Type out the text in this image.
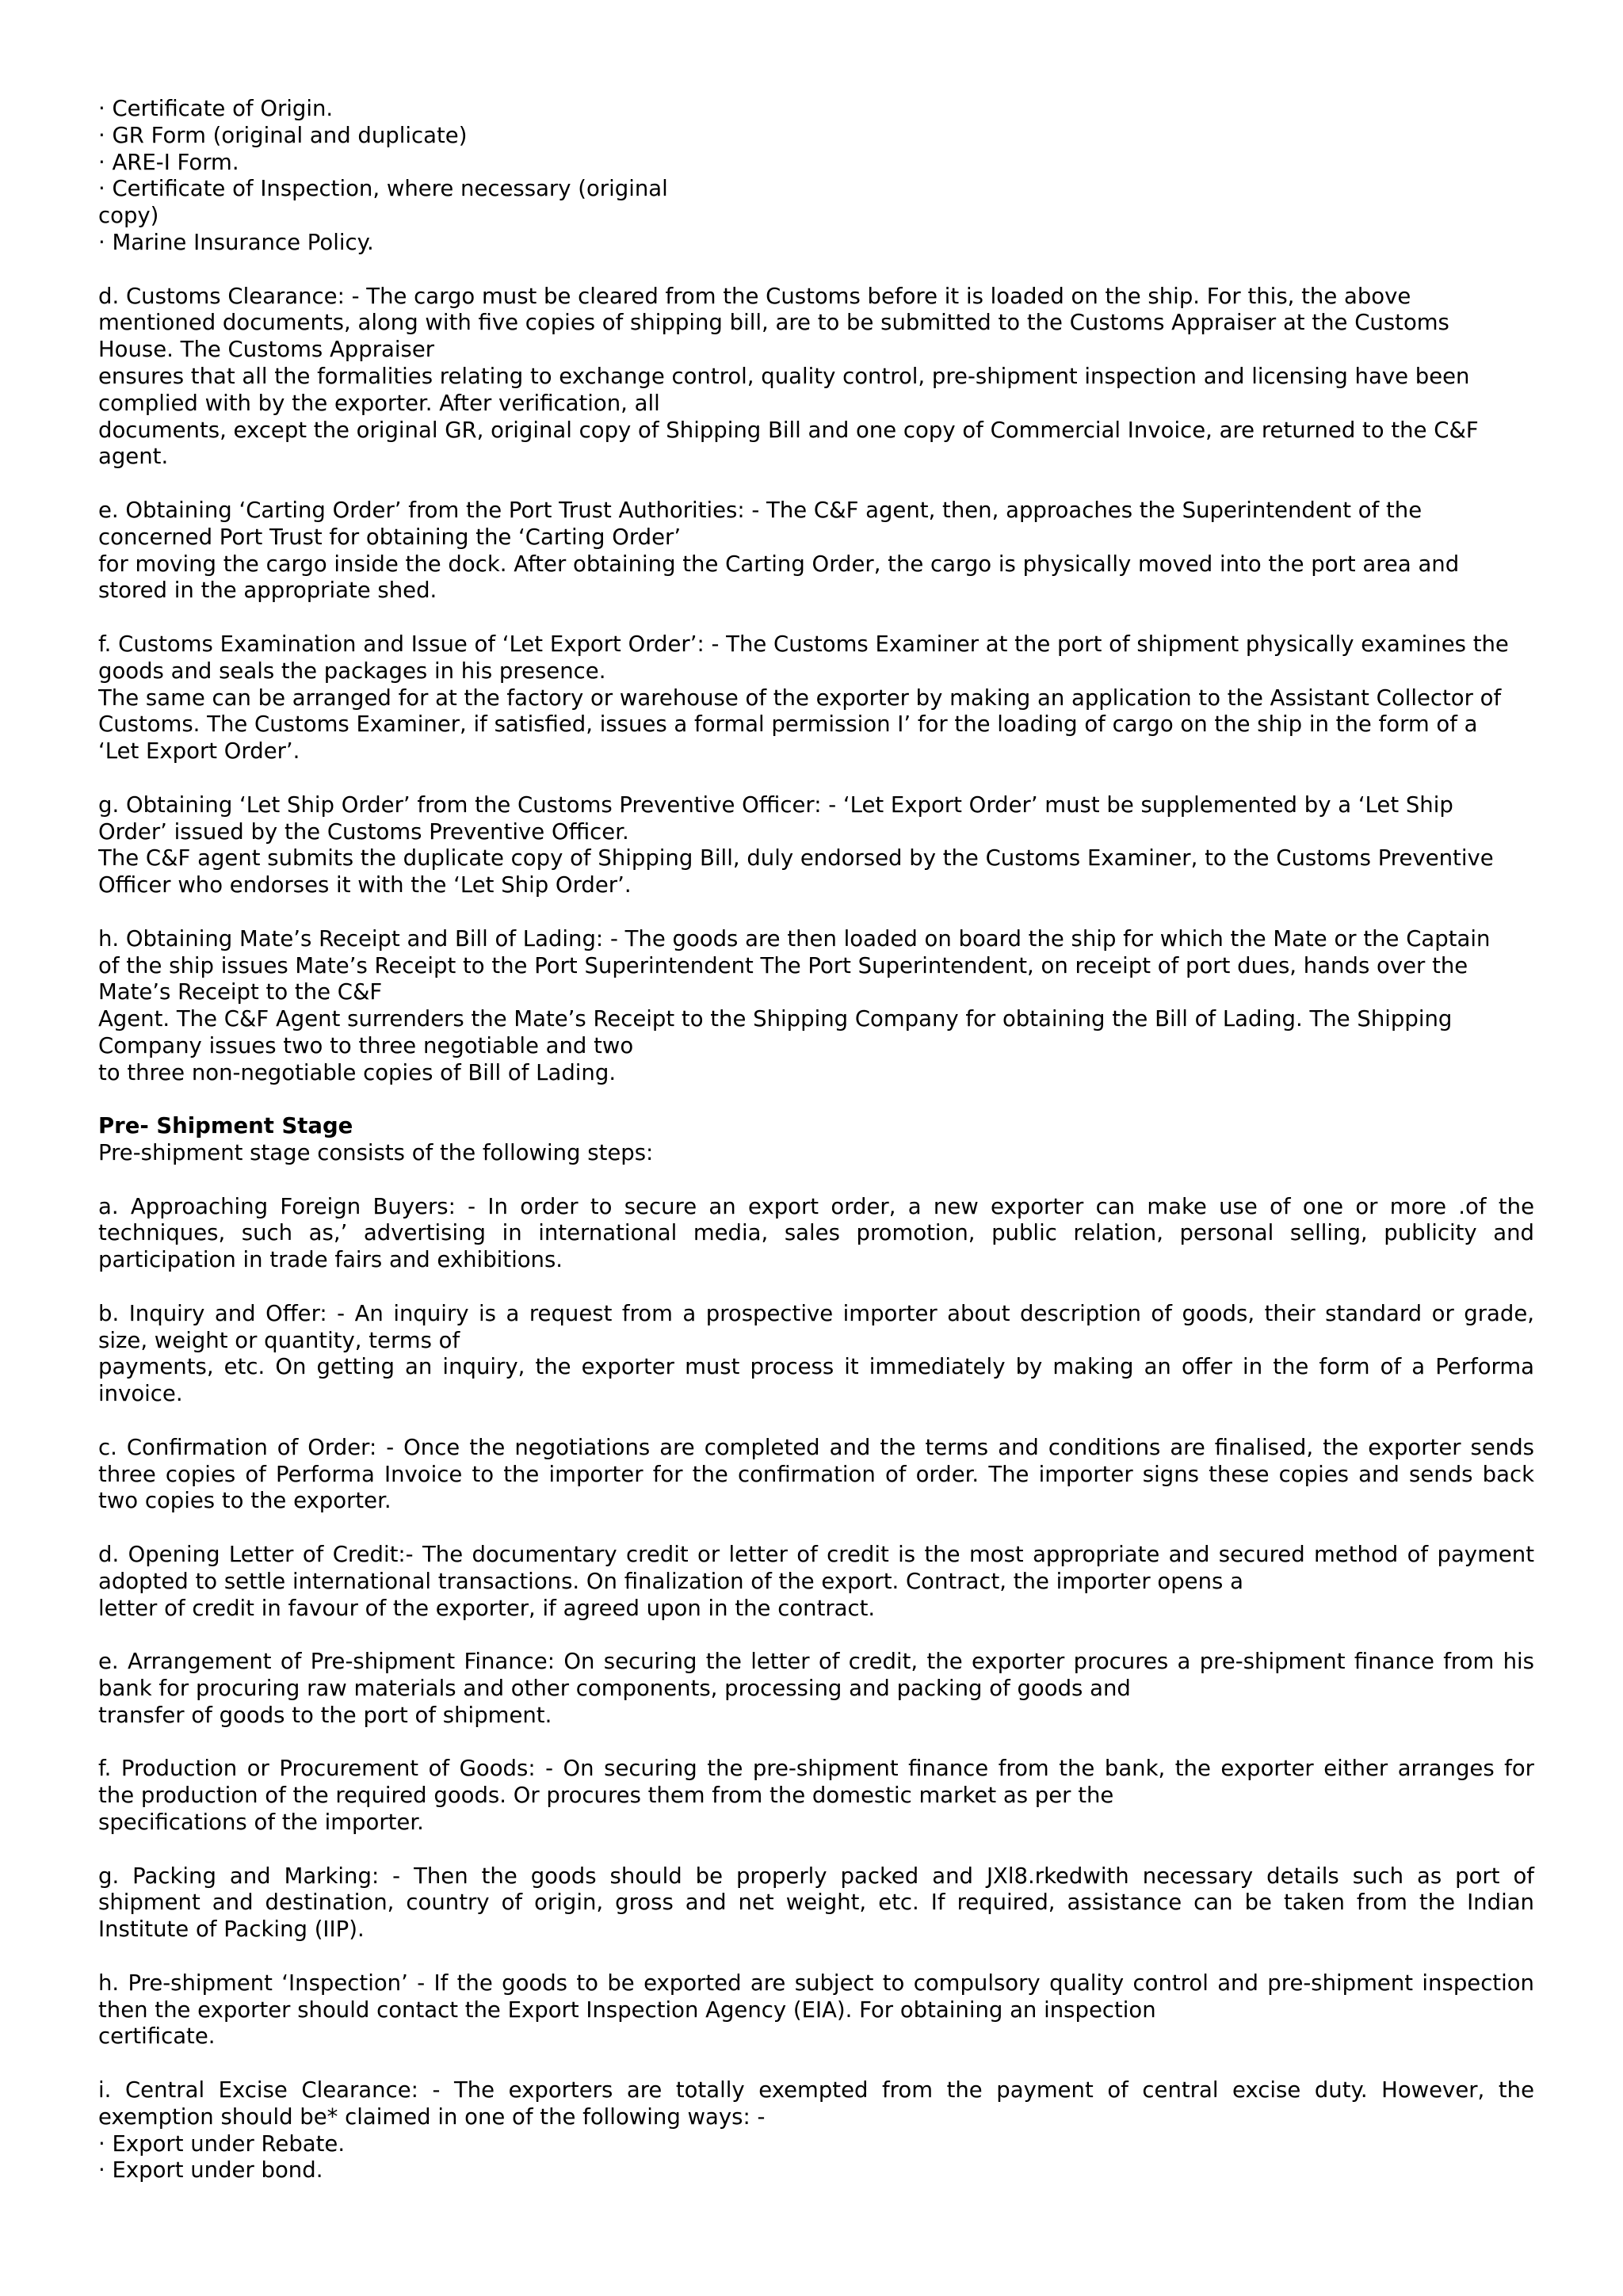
· Certificate of Origin.
· GR Form (original and duplicate)
· ARE-I Form.
· Certificate of Inspection, where necessary (original
copy)
· Marine Insurance Policy.
d. Customs Clearance: - The cargo must be cleared from the Customs before it is loaded on the ship. For this, the above
mentioned documents, along with five copies of shipping bill, are to be submitted to the Customs Appraiser at the Customs
House. The Customs Appraiser
ensures that all the formalities relating to exchange control, quality control, pre-shipment inspection and licensing have been
complied with by the exporter. After verification, all
documents, except the original GR, original copy of Shipping Bill and one copy of Commercial Invoice, are returned to the C&F
agent.
e. Obtaining ‘Carting Order’ from the Port Trust Authorities: - The C&F agent, then, approaches the Superintendent of the
concerned Port Trust for obtaining the ‘Carting Order’
for moving the cargo inside the dock. After obtaining the Carting Order, the cargo is physically moved into the port area and
stored in the appropriate shed.
f. Customs Examination and Issue of ‘Let Export Order’: - The Customs Examiner at the port of shipment physically examines the
goods and seals the packages in his presence.
The same can be arranged for at the factory or warehouse of the exporter by making an application to the Assistant Collector of
Customs. The Customs Examiner, if satisfied, issues a formal permission I’ for the loading of cargo on the ship in the form of a
‘Let Export Order’.
g. Obtaining ‘Let Ship Order’ from the Customs Preventive Officer: - ‘Let Export Order’ must be supplemented by a ‘Let Ship
Order’ issued by the Customs Preventive Officer.
The C&F agent submits the duplicate copy of Shipping Bill, duly endorsed by the Customs Examiner, to the Customs Preventive
Officer who endorses it with the ‘Let Ship Order’.
h. Obtaining Mate’s Receipt and Bill of Lading: - The goods are then loaded on board the ship for which the Mate or the Captain
of the ship issues Mate’s Receipt to the Port Superintendent The Port Superintendent, on receipt of port dues, hands over the
Mate’s Receipt to the C&F
Agent. The C&F Agent surrenders the Mate’s Receipt to the Shipping Company for obtaining the Bill of Lading. The Shipping
Company issues two to three negotiable and two
to three non-negotiable copies of Bill of Lading.
Pre- Shipment Stage
Pre-shipment stage consists of the following steps:
a. Approaching Foreign Buyers: - In order to secure an export order, a new exporter can make use of one or more .of the
techniques, such as,’ advertising in international media, sales promotion, public relation, personal selling, publicity and
participation in trade fairs and exhibitions.
b. Inquiry and Offer: - An inquiry is a request from a prospective importer about description of goods, their standard or grade,
size, weight or quantity, terms of
payments, etc. On getting an inquiry, the exporter must process it immediately by making an offer in the form of a Performa
invoice.
c. Confirmation of Order: - Once the negotiations are completed and the terms and conditions are finalised, the exporter sends
three copies of Performa Invoice to the importer for the confirmation of order. The importer signs these copies and sends back
two copies to the exporter.
d. Opening Letter of Credit:- The documentary credit or letter of credit is the most appropriate and secured method of payment
adopted to settle international transactions. On finalization of the export. Contract, the importer opens a
letter of credit in favour of the exporter, if agreed upon in the contract.
e. Arrangement of Pre-shipment Finance: On securing the letter of credit, the exporter procures a pre-shipment finance from his
bank for procuring raw materials and other components, processing and packing of goods and
transfer of goods to the port of shipment.
f. Production or Procurement of Goods: - On securing the pre-shipment finance from the bank, the exporter either arranges for
the production of the required goods. Or procures them from the domestic market as per the
specifications of the importer.
g. Packing and Marking: - Then the goods should be properly packed and JXl8.rkedwith necessary details such as port of
shipment and destination, country of origin, gross and net weight, etc. If required, assistance can be taken from the Indian
Institute of Packing (IIP).
h. Pre-shipment ‘Inspection’ - If the goods to be exported are subject to compulsory quality control and pre-shipment inspection
then the exporter should contact the Export Inspection Agency (EIA). For obtaining an inspection
certificate.
i. Central Excise Clearance: - The exporters are totally exempted from the payment of central excise duty. However, the
exemption should be* claimed in one of the following ways: -
· Export under Rebate.
· Export under bond.
